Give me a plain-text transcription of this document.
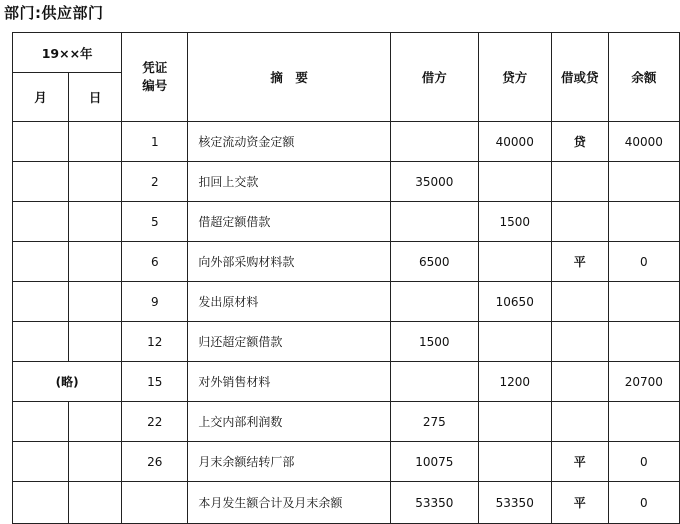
部门:供应部门
19××年		凭证编号	摘　要	借方	贷方	借或贷	余额
月	日						
		1	核定流动资金定额		40000	贷	40000
		2	扣回上交款	35000			
		5	借超定额借款		1500		
		6	向外部采购材料款	6500		平	0
		9	发出原材料		10650		
		12	归还超定额借款	1500			
(略)		15	对外销售材料		1200		20700
		22	上交内部利润数	275			
		26	月末余额结转厂部	10075		平	0
			本月发生额合计及月末余额	53350	53350	平	0
